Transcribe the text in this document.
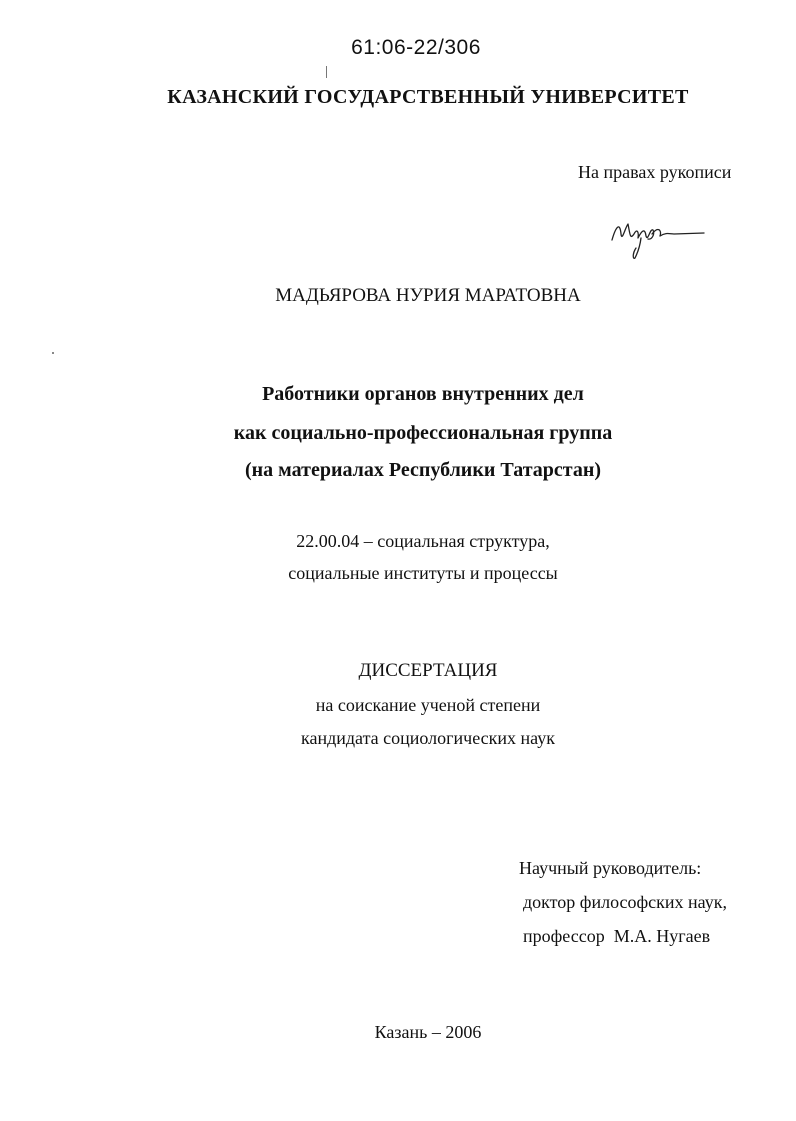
61:06-22/306
КАЗАНСКИЙ ГОСУДАРСТВЕННЫЙ УНИВЕРСИТЕТ
На правах рукописи
МАДЬЯРОВА НУРИЯ МАРАТОВНА
Работники органов внутренних дел
как социально-профессиональная группа
(на материалах Республики Татарстан)
22.00.04 – социальная структура,
социальные институты и процессы
ДИССЕРТАЦИЯ
на соискание ученой степени
кандидата социологических наук
Научный руководитель:
доктор философских наук,
профессор  М.А. Нугаев
Казань – 2006
